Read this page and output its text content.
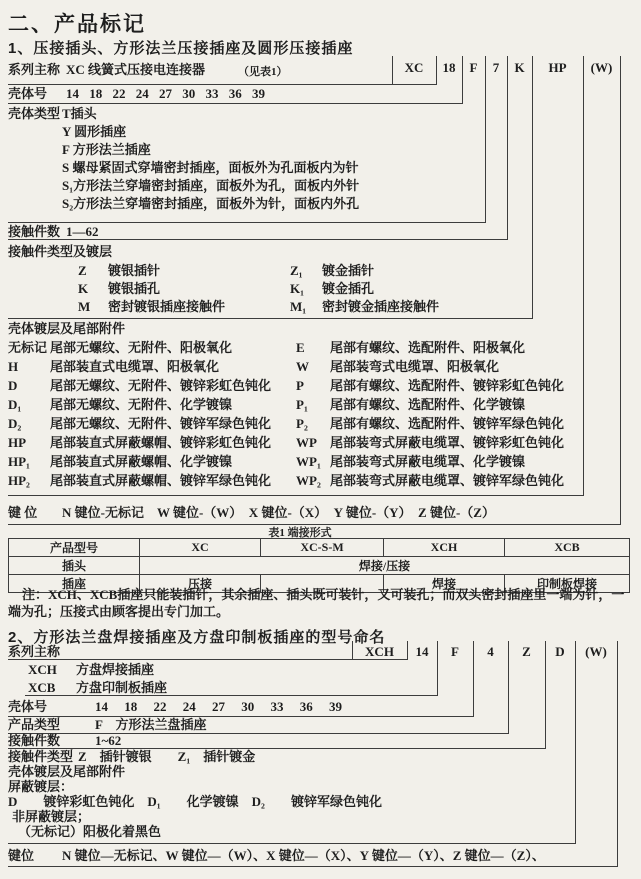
二、产品标记
1、压接插头、方形法兰压接插座及圆形压接插座
XC	18	F	7	K	HP	(W)
系列主称 XC 线簧式压接电连接器	（见表1）
壳体号 14 18 22 24 27 30 33 36 39
壳体类型 T插头
Y 圆形插座
F 方形法兰插座
S 螺母紧固式穿墙密封插座，面板外为孔面板内为针
S₁方形法兰穿墙密封插座，面板外为孔，面板内外针
S₂方形法兰穿墙密封插座，面板外为针，面板内外孔
接触件数 1—62
接触件类型及镀层
Z 镀银插针	Z₁ 镀金插针
K 镀银插孔	K₁ 镀金插孔
M 密封镀银插座接触件	M₁ 密封镀金插座接触件
壳体镀层及尾部附件
无标记 尾部无螺纹、无附件、阳极氧化	E 尾部有螺纹、选配附件、阳极氧化
H 尾部装直式电缆罩、阳极氧化	W 尾部装弯式电缆罩、阳极氧化
D	尾部无螺纹、无附件、镀锌彩虹色钝化 P 尾部有螺纹、选配附件、镀锌彩虹色钝化
D₁ 尾部无螺纹、无附件、化学镀镍	P₁ 尾部有螺纹、选配附件、化学镀镍
D₂ 尾部无螺纹、无附件、镀锌军绿色钝化 P₂ 尾部有螺纹、选配附件、镀锌军绿色钝化
HP 尾部装直式屏蔽螺帽、镀锌彩虹色钝化 WP 尾部装弯式屏蔽电缆罩、镀锌彩虹色钝化
HP₁ 尾部装直式屏蔽螺帽、化学镀镍	WP₁ 尾部装弯式屏蔽电缆罩、化学镀镍
HP₂ 尾部装直式屏蔽螺帽、镀锌军绿色钝化 WP₂ 尾部装弯式屏蔽电缆罩、镀锌军绿色钝化
键 位 N 键位-无标记　W 键位-（W）　X 键位-（X）　Y 键位-（Y）　Z 键位-（Z）
表1 端接形式
产品型号	XC	XC-S-M	XCH	XCB
插头	焊接/压接			
插座	压接		焊接	印制板焊接
注：XCH、XCB插座只能装插针，其余插座、插头既可装针，又可装孔；而双头密封插座里一端为针，一端为孔；压接式由顾客提出专门加工。
2、方形法兰盘焊接插座及方盘印制板插座的型号命名
XCH	14	F	4	Z	D	(W)
系列主称
XCH 方盘焊接插座
XCB 方盘印制板插座
壳体号	14 18 22 24 27 30 33 36 39
产品类型	F　方形法兰盘插座
接触件数	1~62
接触件类型 Z　插针镀银　　Z₁　插针镀金
壳体镀层及尾部附件
屏蔽镀层：
D　　镀锌彩虹色钝化　D₁　　化学镀镍　D₂　　镀锌军绿色钝化
非屏蔽镀层；
（无标记）阳极化着黑色
键位 N 键位—无标记、W 键位—（W）、X 键位—（X）、Y 键位—（Y）、Z 键位—（Z）、
